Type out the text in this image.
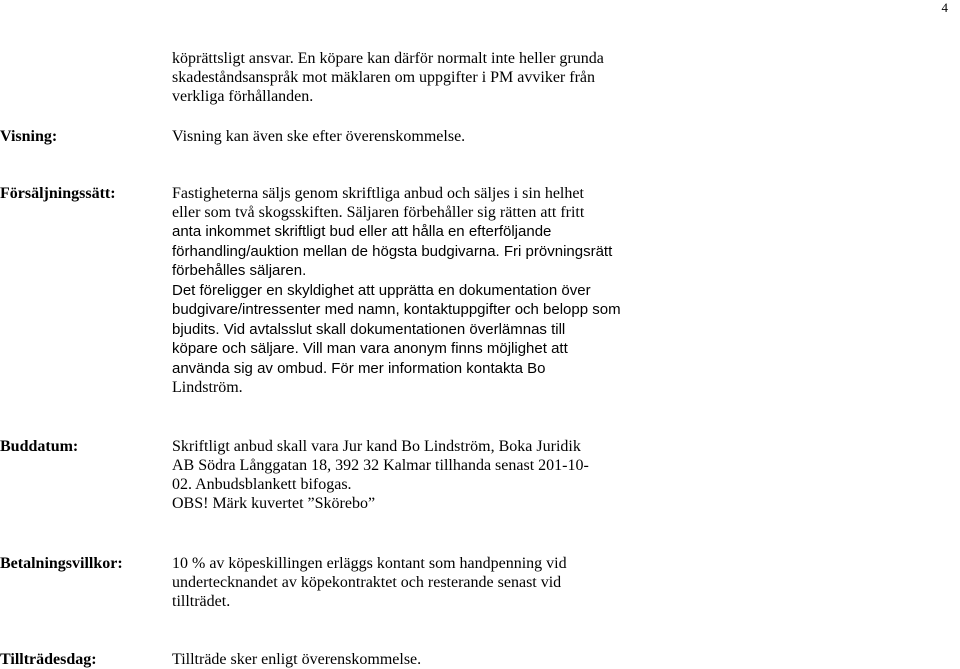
4

köprättsligt ansvar. En köpare kan därför normalt inte heller grunda

skadeståndsanspråk mot mäklaren om uppgifter i PM avviker från

verkliga förhållanden.

Visning:	Visning kan även ske efter överenskommelse.

Försäljningssätt:	Fastigheterna säljs genom skriftliga anbud och säljes i sin helhet

eller som två skogsskiften. Säljaren förbehåller sig rätten att fritt

anta inkommet skriftligt bud eller att hålla en efterföljande

förhandling/auktion mellan de högsta budgivarna. Fri prövningsrätt

förbehålles säljaren.

Det föreligger en skyldighet att upprätta en dokumentation över

budgivare/intressenter med namn, kontaktuppgifter och belopp som

bjudits. Vid avtalsslut skall dokumentationen överlämnas till

köpare och säljare. Vill man vara anonym finns möjlighet att

använda sig av ombud. För mer information kontakta Bo

Lindström.

Buddatum:	Skriftligt anbud skall vara Jur kand Bo Lindström, Boka Juridik

AB Södra Långgatan 18, 392 32 Kalmar tillhanda senast 201-10-

02. Anbudsblankett bifogas.

OBS! Märk kuvertet ”Skörebo”

Betalningsvillkor:	10 % av köpeskillingen erläggs kontant som handpenning vid

undertecknandet av köpekontraktet och resterande senast vid

tillträdet.

Tillträdesdag:	Tillträde sker enligt överenskommelse.
